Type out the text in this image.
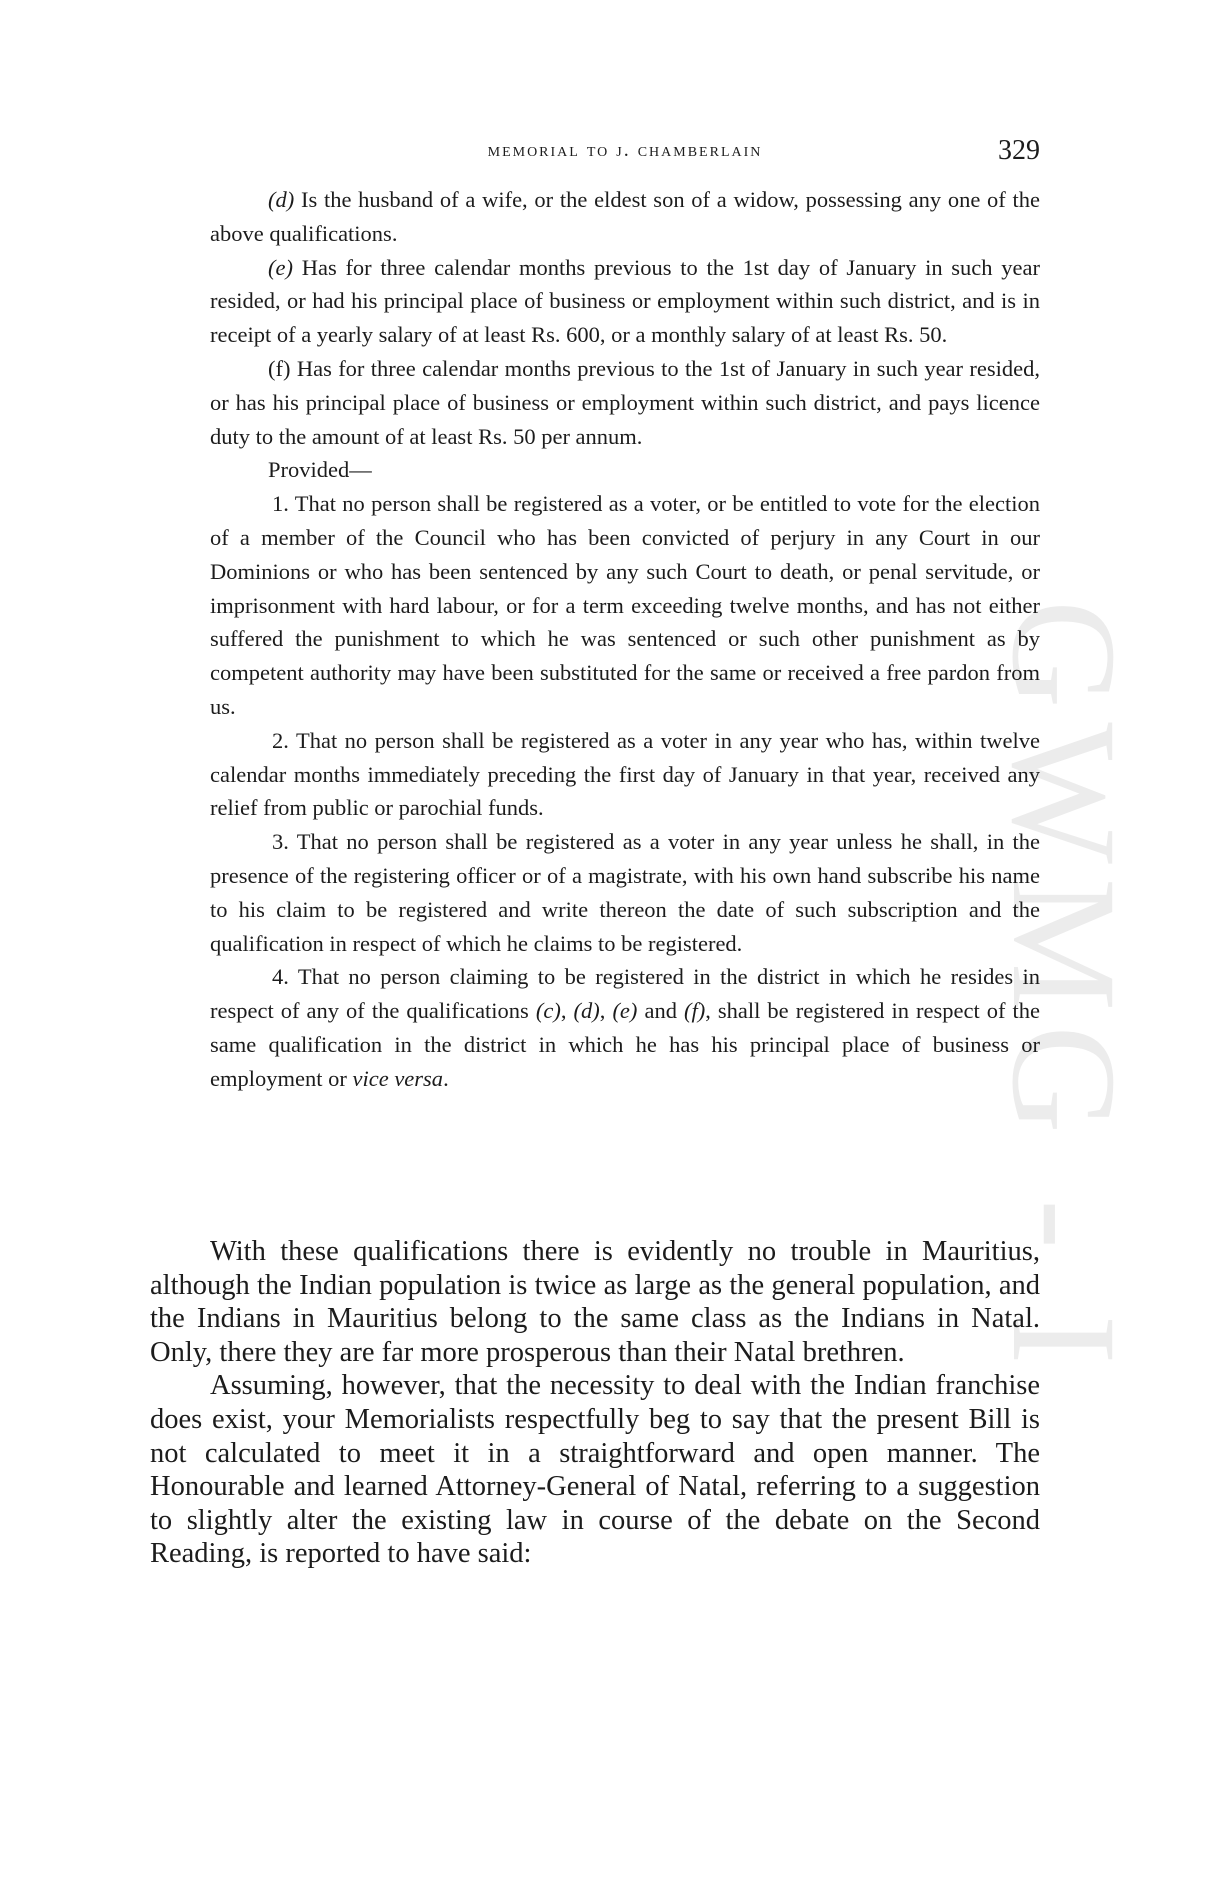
GWMG - I
memorial to j. chamberlain	329

(d) Is the husband of a wife, or the eldest son of a widow, possessing any one of the above qualifications.

(e) Has for three calendar months previous to the 1st day of January in such year resided, or had his principal place of business or employment within such district, and is in receipt of a yearly salary of at least Rs. 600, or a monthly salary of at least Rs. 50.

(f) Has for three calendar months previous to the 1st of January in such year resided, or has his principal place of business or employment within such district, and pays licence duty to the amount of at least Rs. 50 per annum.

Provided—

1. That no person shall be registered as a voter, or be entitled to vote for the election of a member of the Council who has been convicted of perjury in any Court in our Dominions or who has been sentenced by any such Court to death, or penal servitude, or imprisonment with hard labour, or for a term exceeding twelve months, and has not either suffered the punishment to which he was sentenced or such other punishment as by competent authority may have been substituted for the same or received a free pardon from us.

2. That no person shall be registered as a voter in any year who has, within twelve calendar months immediately preceding the first day of January in that year, received any relief from public or parochial funds.

3. That no person shall be registered as a voter in any year unless he shall, in the presence of the registering officer or of a magistrate, with his own hand subscribe his name to his claim to be registered and write thereon the date of such subscription and the qualification in respect of which he claims to be registered.

4. That no person claiming to be registered in the district in which he resides in respect of any of the qualifications (c), (d), (e) and (f), shall be registered in respect of the same qualification in the district in which he has his principal place of business or employment or vice versa.

With these qualifications there is evidently no trouble in Mauritius, although the Indian population is twice as large as the general population, and the Indians in Mauritius belong to the same class as the Indians in Natal. Only, there they are far more prosperous than their Natal brethren.

Assuming, however, that the necessity to deal with the Indian franchise does exist, your Memorialists respectfully beg to say that the present Bill is not calculated to meet it in a straightforward and open manner. The Honourable and learned Attorney-General of Natal, referring to a suggestion to slightly alter the existing law in course of the debate on the Second Reading, is reported to have said:
